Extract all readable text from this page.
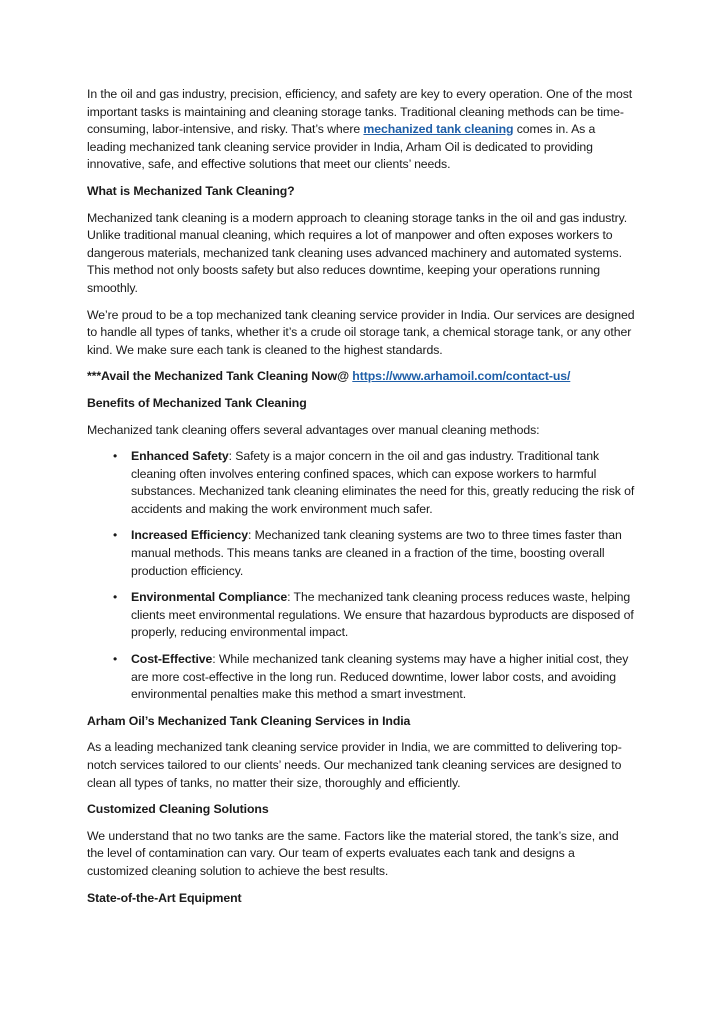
In the oil and gas industry, precision, efficiency, and safety are key to every operation. One of the most important tasks is maintaining and cleaning storage tanks. Traditional cleaning methods can be time-consuming, labor-intensive, and risky. That’s where mechanized tank cleaning comes in. As a leading mechanized tank cleaning service provider in India, Arham Oil is dedicated to providing innovative, safe, and effective solutions that meet our clients’ needs.

What is Mechanized Tank Cleaning?

Mechanized tank cleaning is a modern approach to cleaning storage tanks in the oil and gas industry. Unlike traditional manual cleaning, which requires a lot of manpower and often exposes workers to dangerous materials, mechanized tank cleaning uses advanced machinery and automated systems. This method not only boosts safety but also reduces downtime, keeping your operations running smoothly.

We’re proud to be a top mechanized tank cleaning service provider in India. Our services are designed to handle all types of tanks, whether it’s a crude oil storage tank, a chemical storage tank, or any other kind. We make sure each tank is cleaned to the highest standards.

***Avail the Mechanized Tank Cleaning Now@ https://www.arhamoil.com/contact-us/

Benefits of Mechanized Tank Cleaning

Mechanized tank cleaning offers several advantages over manual cleaning methods:

• Enhanced Safety: Safety is a major concern in the oil and gas industry. Traditional tank cleaning often involves entering confined spaces, which can expose workers to harmful substances. Mechanized tank cleaning eliminates the need for this, greatly reducing the risk of accidents and making the work environment much safer.
• Increased Efficiency: Mechanized tank cleaning systems are two to three times faster than manual methods. This means tanks are cleaned in a fraction of the time, boosting overall production efficiency.
• Environmental Compliance: The mechanized tank cleaning process reduces waste, helping clients meet environmental regulations. We ensure that hazardous byproducts are disposed of properly, reducing environmental impact.
• Cost-Effective: While mechanized tank cleaning systems may have a higher initial cost, they are more cost-effective in the long run. Reduced downtime, lower labor costs, and avoiding environmental penalties make this method a smart investment.

Arham Oil’s Mechanized Tank Cleaning Services in India

As a leading mechanized tank cleaning service provider in India, we are committed to delivering top-notch services tailored to our clients’ needs. Our mechanized tank cleaning services are designed to clean all types of tanks, no matter their size, thoroughly and efficiently.

Customized Cleaning Solutions

We understand that no two tanks are the same. Factors like the material stored, the tank’s size, and the level of contamination can vary. Our team of experts evaluates each tank and designs a customized cleaning solution to achieve the best results.

State-of-the-Art Equipment
